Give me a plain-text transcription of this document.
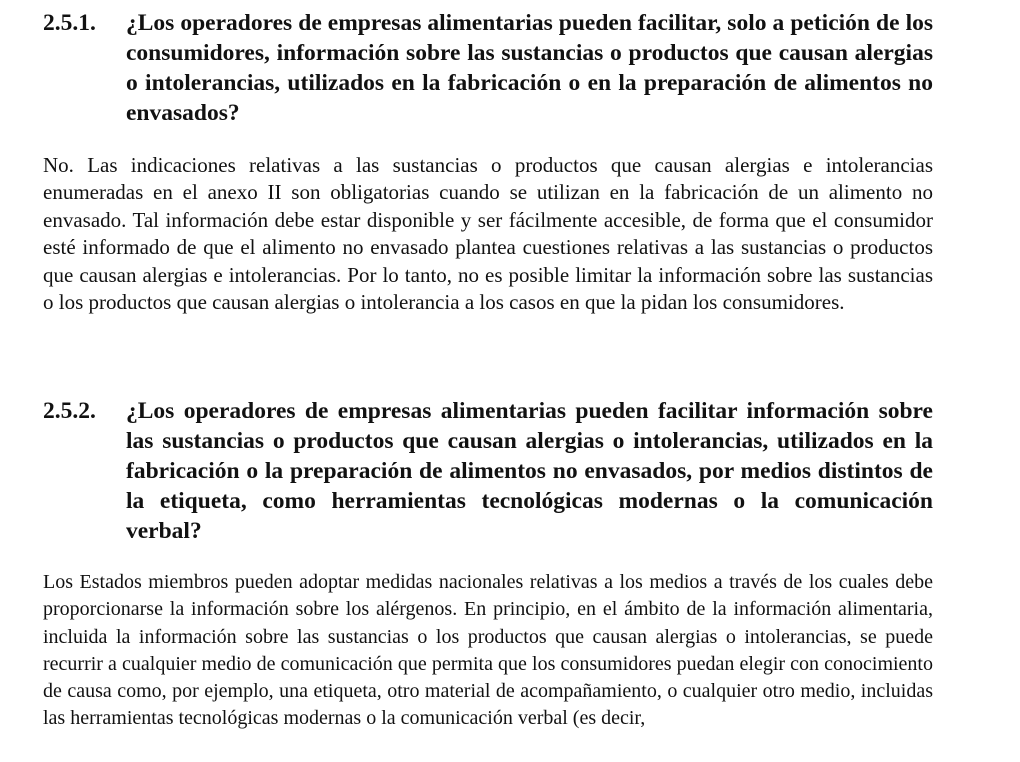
2.5.1.	¿Los operadores de empresas alimentarias pueden facilitar, solo a petición de los consumidores, información sobre las sustancias o productos que causan alergias o intolerancias, utilizados en la fabricación o en la preparación de alimentos no envasados?
No. Las indicaciones relativas a las sustancias o productos que causan alergias e intolerancias enumeradas en el anexo II son obligatorias cuando se utilizan en la fabricación de un alimento no envasado. Tal información debe estar disponible y ser fácilmente accesible, de forma que el consumidor esté informado de que el alimento no envasado plantea cuestiones relativas a las sustancias o productos que causan alergias e intolerancias. Por lo tanto, no es posible limitar la información sobre las sustancias o los productos que causan alergias o intolerancia a los casos en que la pidan los consumidores.
2.5.2.	¿Los operadores de empresas alimentarias pueden facilitar información sobre las sustancias o productos que causan alergias o intolerancias, utilizados en la fabricación o la preparación de alimentos no envasados, por medios distintos de la etiqueta, como herramientas tecnológicas modernas o la comunicación verbal?
Los Estados miembros pueden adoptar medidas nacionales relativas a los medios a través de los cuales debe proporcionarse la información sobre los alérgenos. En principio, en el ámbito de la información alimentaria, incluida la información sobre las sustancias o los productos que causan alergias o intolerancias, se puede recurrir a cualquier medio de comunicación que permita que los consumidores puedan elegir con conocimiento de causa como, por ejemplo, una etiqueta, otro material de acompañamiento, o cualquier otro medio, incluidas las herramientas tecnológicas modernas o la comunicación verbal (es decir,
